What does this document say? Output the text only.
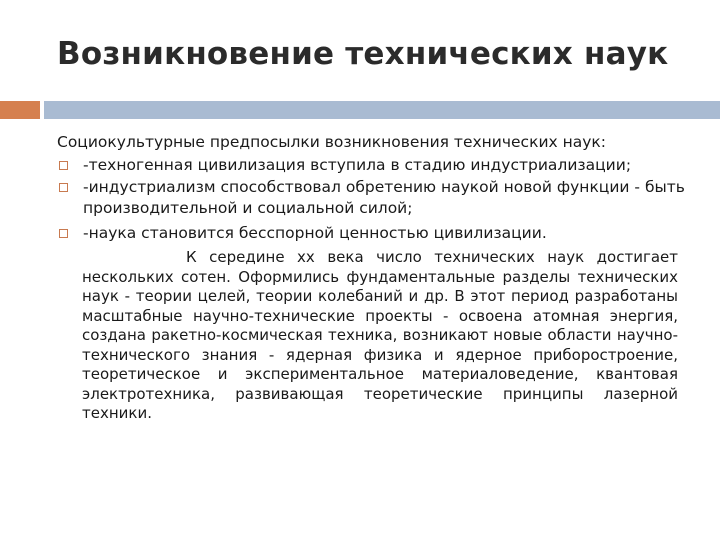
Возникновение технических наук
Социокультурные предпосылки возникновения технических наук:
-техногенная цивилизация вступила в стадию индустриализации;
-индустриализм способствовал обретению наукой новой функции - быть производительной и социальной силой;
-наука становится бесспорной ценностью цивилизации.
К середине хх века число технических наук достигает нескольких сотен. Оформились фундаментальные разделы технических наук - теории целей, теории колебаний и др. В этот период разработаны масштабные научно-технические проекты - освоена атомная энергия, создана ракетно-космическая техника, возникают новые области научно-технического знания - ядерная физика и ядерное приборостроение, теоретическое и экспериментальное материаловедение, квантовая электротехника, развивающая теоретические принципы лазерной техники.
